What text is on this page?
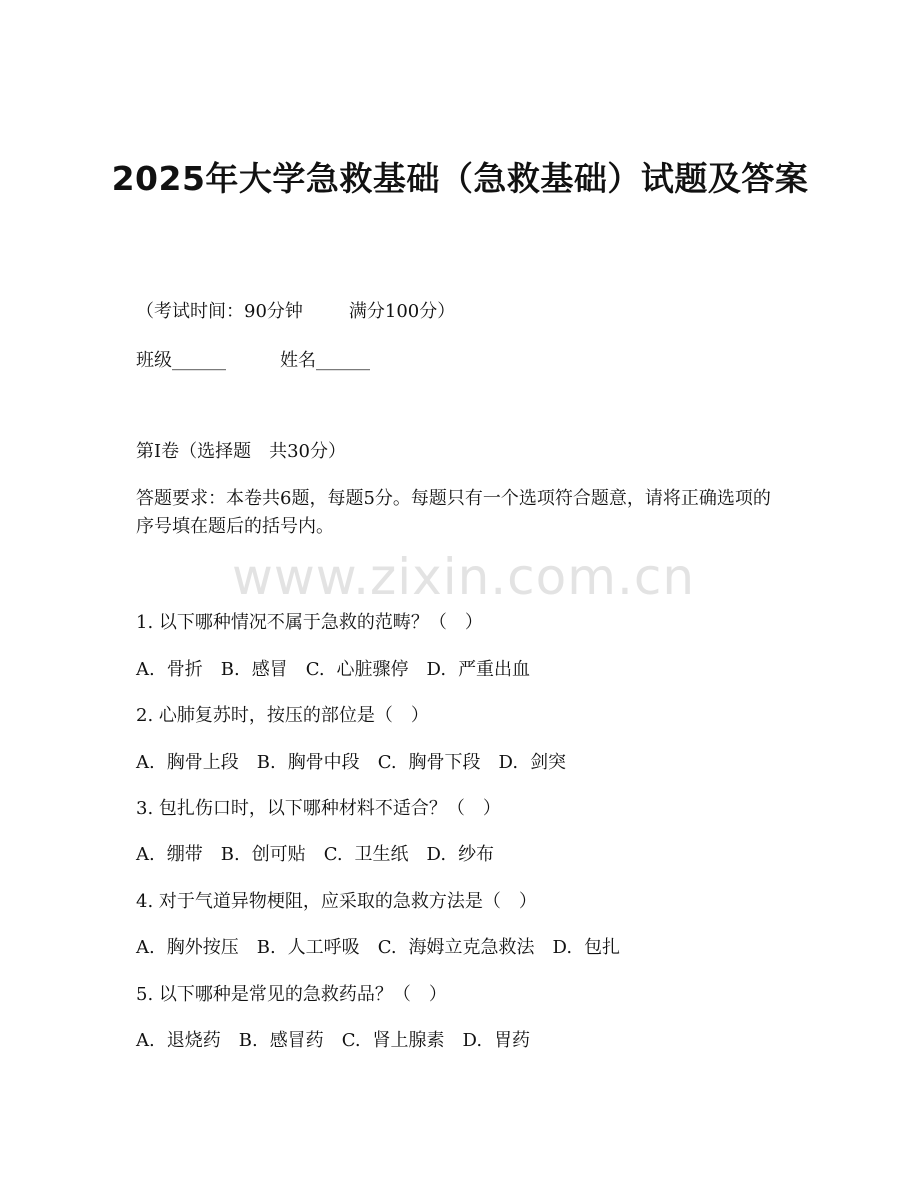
2025年大学急救基础（急救基础）试题及答案

（考试时间：90分钟	满分100分）

班级______	姓名______

第I卷（选择题　共30分）

答题要求：本卷共6题，每题5分。每题只有一个选项符合题意，请将正确选项的序号填在题后的括号内。

www.zixin.com.cn

1. 以下哪种情况不属于急救的范畴？（　）

A. 骨折 B. 感冒 C. 心脏骤停 D. 严重出血

2. 心肺复苏时，按压的部位是（　）

A. 胸骨上段 B. 胸骨中段 C. 胸骨下段 D. 剑突

3. 包扎伤口时，以下哪种材料不适合？（　）

A. 绷带 B. 创可贴 C. 卫生纸 D. 纱布

4. 对于气道异物梗阻，应采取的急救方法是（　）

A. 胸外按压 B. 人工呼吸 C. 海姆立克急救法 D. 包扎

5. 以下哪种是常见的急救药品？（　）

A. 退烧药 B. 感冒药 C. 肾上腺素 D. 胃药
